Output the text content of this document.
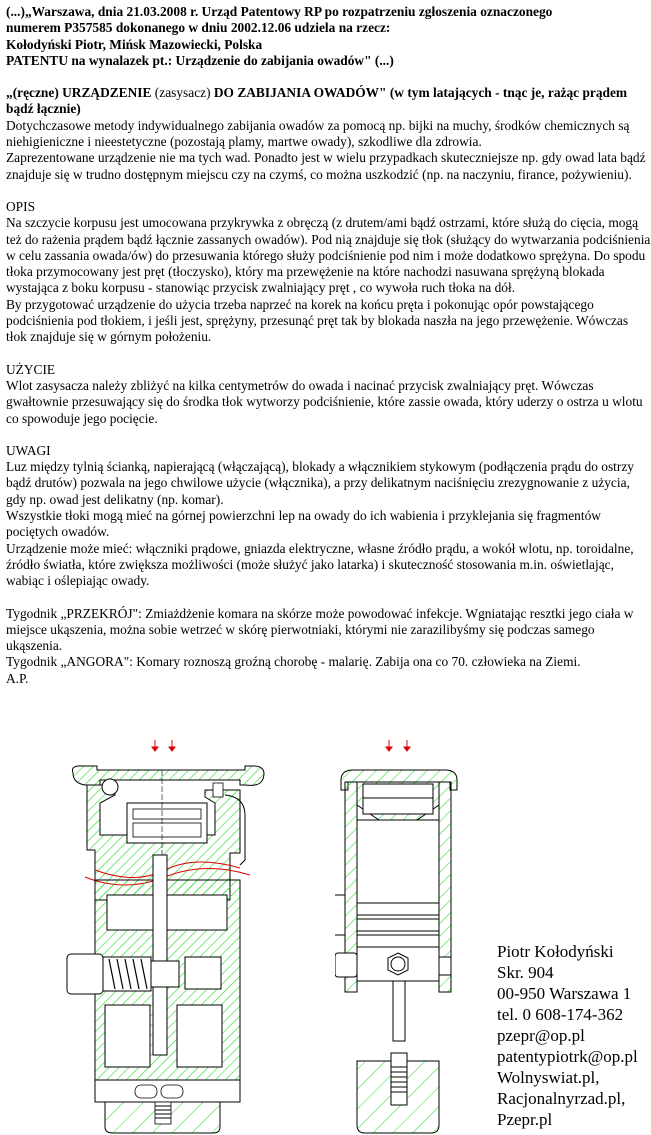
(...)„Warszawa, dnia 21.03.2008 r. Urząd Patentowy RP po rozpatrzeniu zgłoszenia oznaczonego
numerem P357585 dokonanego w dniu 2002.12.06 udziela na rzecz:
Kołodyński Piotr, Mińsk Mazowiecki, Polska
PATENTU na wynalazek pt.: Urządzenie do zabijania owadów" (...)
„(ręczne) URZĄDZENIE (zasysacz) DO ZABIJANIA OWADÓW" (w tym latających - tnąc je, rażąc prądem bądź łącznie)
Dotychczasowe metody indywidualnego zabijania owadów za pomocą np. bijki na muchy, środków chemicznych są niehigieniczne i nieestetyczne (pozostają plamy, martwe owady), szkodliwe dla zdrowia.
Zaprezentowane urządzenie nie ma tych wad. Ponadto jest w wielu przypadkach skuteczniejsze np. gdy owad lata bądź znajduje się w trudno dostępnym miejscu czy na czymś, co można uszkodzić (np. na naczyniu, firance, pożywieniu).
OPIS
Na szczycie korpusu jest umocowana przykrywka z obręczą (z drutem/ami bądź ostrzami, które służą do cięcia, mogą też do rażenia prądem bądź łącznie zassanych owadów). Pod nią znajduje się tłok (służący do wytwarzania podciśnienia w celu zassania owada/ów) do przesuwania którego służy podciśnienie pod nim i może dodatkowo sprężyna. Do spodu tłoka przymocowany jest pręt (tłoczysko), który ma przewężenie na które nachodzi nasuwana sprężyną blokada wystająca z boku korpusu - stanowiąc przycisk zwalniający pręt , co wywoła ruch tłoka na dół.
By przygotować urządzenie do użycia trzeba naprzeć na korek na końcu pręta i pokonując opór powstającego podciśnienia pod tłokiem, i jeśli jest, sprężyny, przesunąć pręt tak by blokada naszła na jego przewężenie. Wówczas tłok znajduje się w górnym położeniu.
UŻYCIE
Wlot zasysacza należy zbliżyć na kilka centymetrów do owada i nacinać przycisk zwalniający pręt. Wówczas gwałtownie przesuwający się do środka tłok wytworzy podciśnienie, które zassie owada, który uderzy o ostrza u wlotu co spowoduje jego pocięcie.
UWAGI
Luz między tylnią ścianką, napierającą (włączającą), blokady a włącznikiem stykowym (podłączenia prądu do ostrzy bądź drutów) pozwala na jego chwilowe użycie (włącznika), a przy delikatnym naciśnięciu zrezygnowanie z użycia, gdy np. owad jest delikatny (np. komar).
Wszystkie tłoki mogą mieć na górnej powierzchni lep na owady do ich wabienia i przyklejania się fragmentów pociętych owadów.
Urządzenie może mieć: włączniki prądowe, gniazda elektryczne, własne źródło prądu, a wokół wlotu, np. toroidalne, źródło światła, które zwiększa możliwości (może służyć jako latarka) i skuteczność stosowania m.in. oświetlając, wabiąc i oślepiając owady.
Tygodnik „PRZEKRÓJ": Zmiażdżenie komara na skórze może powodować infekcje. Wgniatając resztki jego ciała w miejsce ukąszenia, można sobie wetrzeć w skórę pierwotniaki, którymi nie zarazilibyśmy się podczas samego ukąszenia.
Tygodnik „ANGORA": Komary roznoszą groźną chorobę - malarię. Zabija ona co 70. człowieka na Ziemi.
A.P.
Piotr Kołodyński
Skr. 904
00-950 Warszawa 1
tel. 0 608-174-362
pzepr@op.pl
patentypiotrk@op.pl
Wolnyswiat.pl,
Racjonalnyrzad.pl,
Pzepr.pl
